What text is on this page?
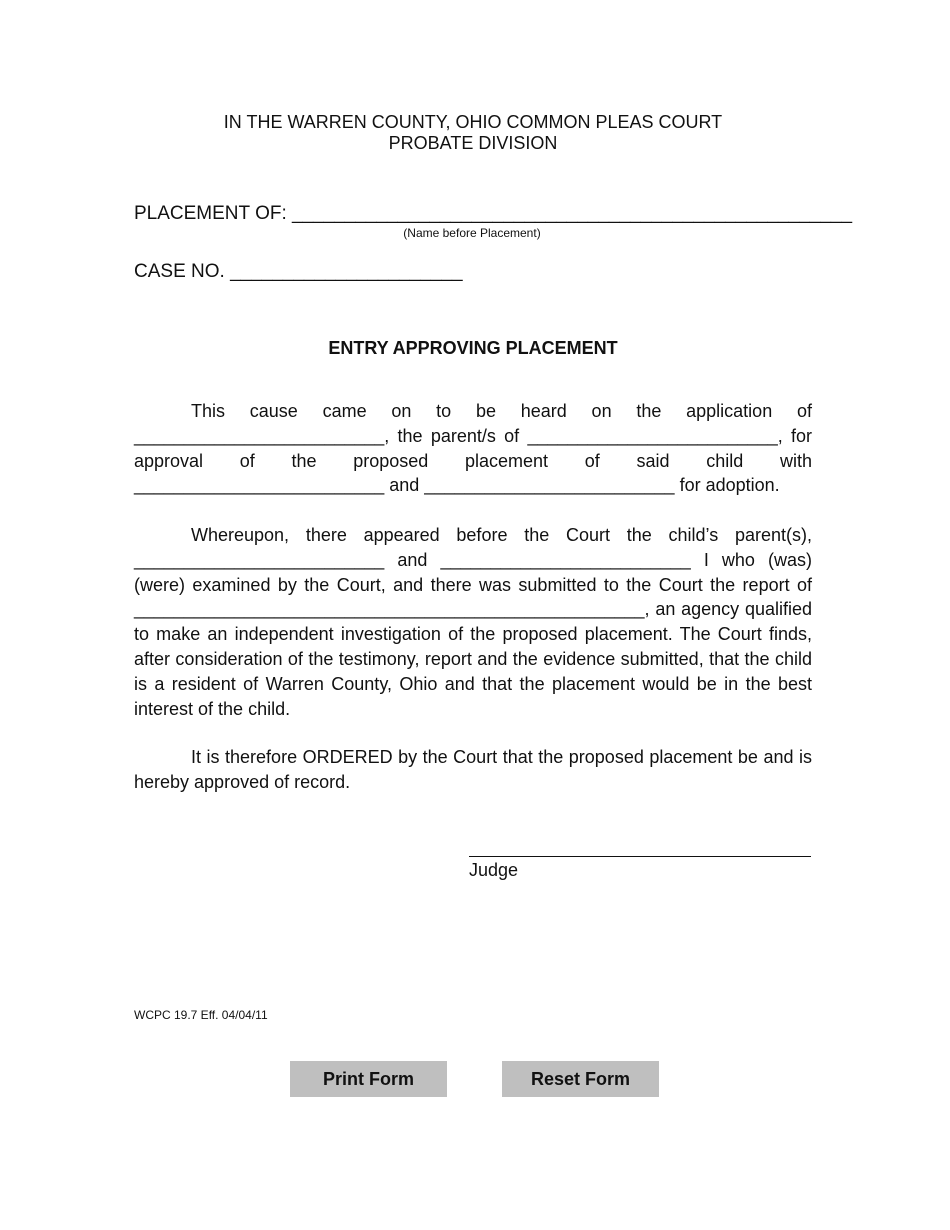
IN THE WARREN COUNTY, OHIO COMMON PLEAS COURT
PROBATE DIVISION
PLACEMENT OF: _____________________________________________________
(Name before Placement)
CASE NO. ______________________
ENTRY APPROVING PLACEMENT
This cause came on to be heard on the application of _________________________, the parent/s of _________________________, for approval of the proposed placement of said child with _________________________ and _________________________ for adoption.
Whereupon, there appeared before the Court the child’s parent(s), _________________________ and _________________________ I who (was) (were) examined by the Court, and there was submitted to the Court the report of ___________________________________________________, an agency qualified to make an independent investigation of the proposed placement. The Court finds, after consideration of the testimony, report and the evidence submitted, that the child is a resident of Warren County, Ohio and that the placement would be in the best interest of the child.
It is therefore ORDERED by the Court that the proposed placement be and is hereby approved of record.
Judge
WCPC 19.7 Eff. 04/04/11
Print Form	Reset Form
